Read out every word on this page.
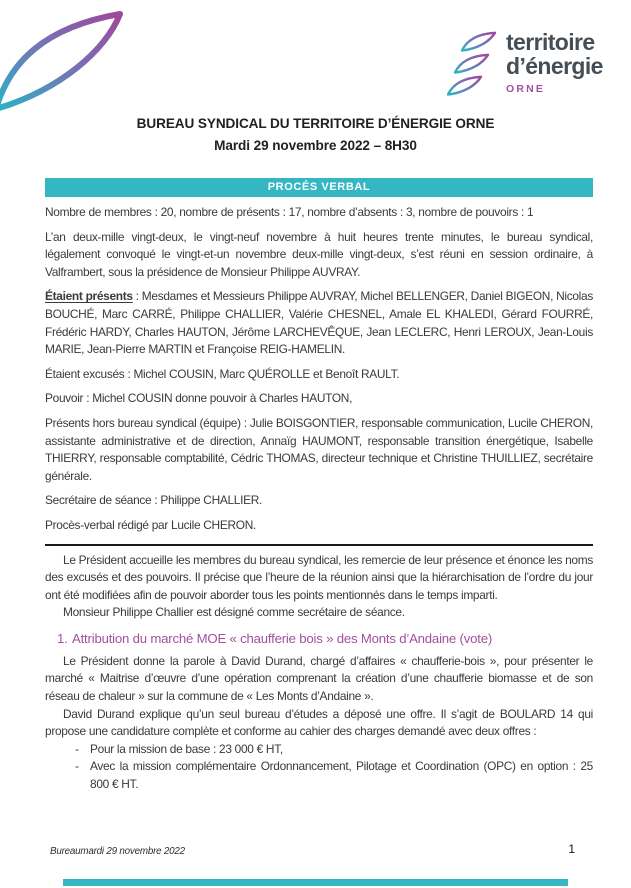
territoire
d’énergie
ORNE
BUREAU SYNDICAL DU TERRITOIRE D’ÉNERGIE ORNE
Mardi 29 novembre 2022 – 8H30
PROCÉS VERBAL

Nombre de membres : 20, nombre de présents : 17, nombre d’absents : 3, nombre de pouvoirs : 1

L’an deux-mille vingt-deux, le vingt-neuf novembre à huit heures trente minutes, le bureau syndical, légalement convoqué le vingt-et-un novembre deux-mille vingt-deux, s’est réuni en session ordinaire, à Valframbert, sous la présidence de Monsieur Philippe AUVRAY.

Étaient présents : Mesdames et Messieurs Philippe AUVRAY, Michel BELLENGER, Daniel BIGEON, Nicolas BOUCHÉ, Marc CARRÉ, Philippe CHALLIER, Valérie CHESNEL, Amale EL KHALEDI, Gérard FOURRÉ, Frédéric HARDY, Charles HAUTON, Jérôme LARCHEVÊQUE, Jean LECLERC, Henri LEROUX, Jean-Louis MARIE, Jean-Pierre MARTIN et Françoise REIG-HAMELIN.

Étaient excusés : Michel COUSIN, Marc QUÉROLLE et Benoît RAULT.

Pouvoir : Michel COUSIN donne pouvoir à Charles HAUTON,

Présents hors bureau syndical (équipe) : Julie BOISGONTIER, responsable communication, Lucile CHERON, assistante administrative et de direction, Annaïg HAUMONT, responsable transition énergétique, Isabelle THIERRY, responsable comptabilité, Cédric THOMAS, directeur technique et Christine THUILLIEZ, secrétaire générale.

Secrétaire de séance : Philippe CHALLIER.

Procès-verbal rédigé par Lucile CHERON.

Le Président accueille les membres du bureau syndical, les remercie de leur présence et énonce les noms des excusés et des pouvoirs. Il précise que l’heure de la réunion ainsi que la hiérarchisation de l’ordre du jour ont été modifiées afin de pouvoir aborder tous les points mentionnés dans le temps imparti.

Monsieur Philippe Challier est désigné comme secrétaire de séance.

1. Attribution du marché MOE « chaufferie bois » des Monts d’Andaine (vote)

Le Président donne la parole à David Durand, chargé d’affaires « chaufferie-bois », pour présenter le marché « Maitrise d’œuvre d’une opération comprenant la création d’une chaufferie biomasse et de son réseau de chaleur » sur la commune de « Les Monts d’Andaine ».

David Durand explique qu’un seul bureau d’études a déposé une offre. Il s’agit de BOULARD 14 qui propose une candidature complète et conforme au cahier des charges demandé avec deux offres :

- Pour la mission de base : 23 000 € HT,
- Avec la mission complémentaire Ordonnancement, Pilotage et Coordination (OPC) en option : 25 800 € HT.
Bureaumardi 29 novembre 2022	1
